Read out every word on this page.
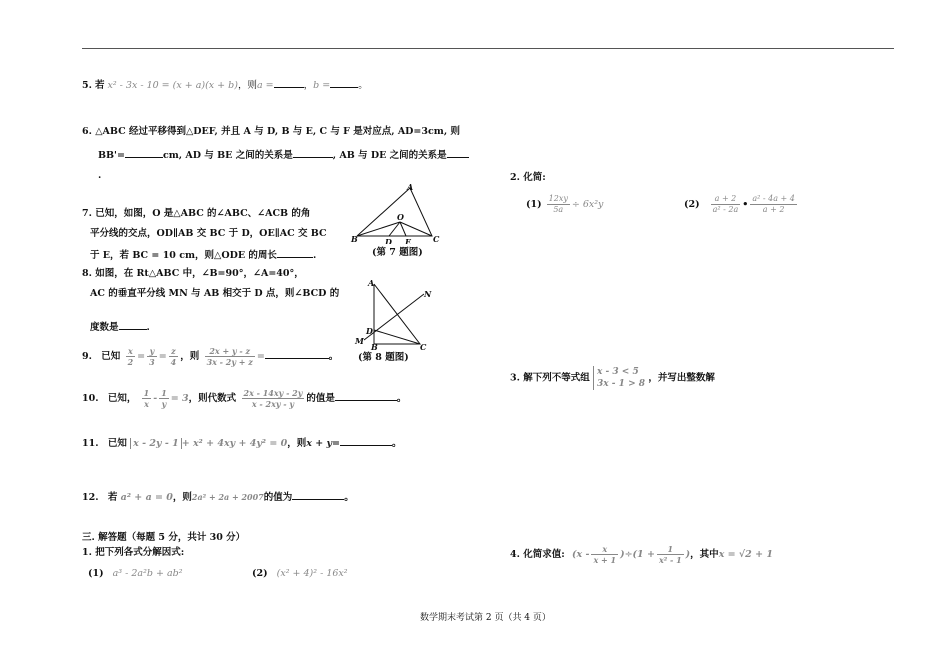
5. 若 x² - 3x - 10 = (x + a)(x + b)，则a =	，b =	。
6. △ABC 经过平移得到△DEF, 并且 A 与 D, B 与 E, C 与 F 是对应点, AD=3cm, 则
BB'=	cm, AD 与 BE 之间的关系是	, AB 与 DE 之间的关系是
.
7. 已知，如图，O 是△ABC 的∠ABC、∠ACB 的角
平分线的交点，OD∥AB 交 BC 于 D，OE∥AC 交 BC
于 E，若 BC = 10 cm，则△ODE 的周长	.
A
B	C
D E
O
(第 7 题图)
8. 如图，在 Rt△ABC 中，∠B=90°，∠A=40°，
AC 的垂直平分线 MN 与 AB 相交于 D 点，则∠BCD 的
度数是	.
A
N
D
M
B	C
(第 8 题图)
9. 已知 $\frac{x}{2} = \frac{y}{3} = \frac{z}{4}$ ，则 $\frac{2x + y - z}{3x - 2y + z}$ =	。
10. 已知， $\frac{1}{x} - \frac{1}{y} = 3$，则代数式 $\frac{2x - 14xy - 2y}{x - 2xy - y}$ 的值是	。
11. 已知 x - 2y - 1 + x² + 4xy + 4y² = 0，则x + y=	。
12. 若 a² + a = 0，则2a² + 2a + 2007的值为	。
三. 解答题（每题 5 分，共计 30 分）
1. 把下列各式分解因式:
(1) a³ - 2a²b + ab²	(2) (x² + 4)² - 16x²
2. 化简:
$(1) \frac{12xy}{5a} \div 6x^2y$	$(2) \frac{a + 2}{\text{a² - 2a}}$ • $\frac{\text{a² - 4a + 4}}{a + 2}$
3. 解下列不等式组
x - 3 < 5
3x - 1 > 8
，并写出整数解
4. 化简求值: $(x - \frac{x}{x + 1} )\div(1 + \frac{1}{\text{x² - 1}}$ )，其中x = √2 + 1
数学期末考试第 2 页（共 4 页）
